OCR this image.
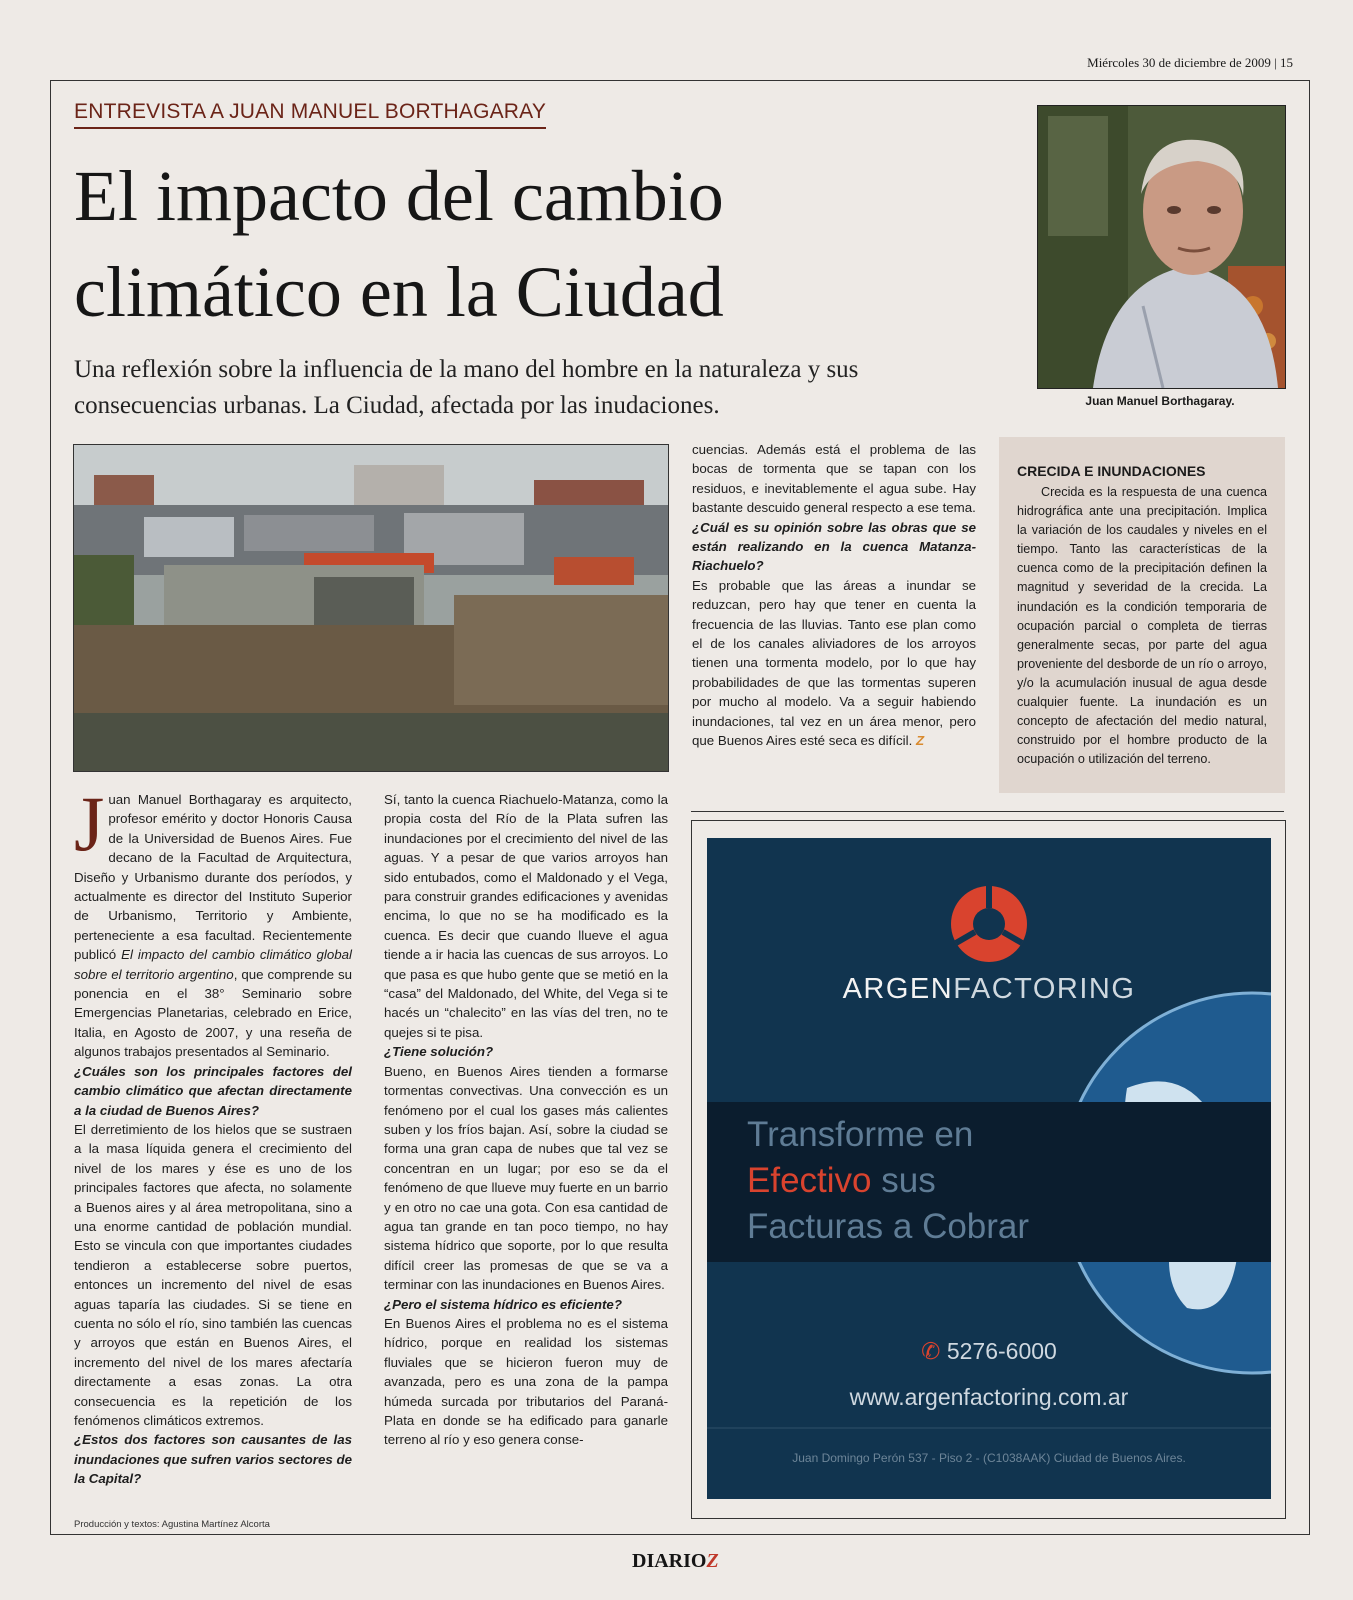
Miércoles 30 de diciembre de 2009 | 15
ENTREVISTA A JUAN MANUEL BORTHAGARAY
El impacto del cambio climático en la Ciudad

Una reflexión sobre la influencia de la mano del hombre en la naturaleza y sus consecuencias urbanas. La Ciudad, afectada por las inudaciones.	Juan Manuel Borthagaray.
J uan Manuel Borthagaray es arquitecto, profesor emérito y doctor Honoris Causa de la Universidad de Buenos Aires. Fue decano de la Facultad de Arquitectura, Diseño y Urbanismo durante dos períodos, y actualmente es director del Instituto Superior de Urbanismo, Territorio y Ambiente, perteneciente a esa facultad. Recientemente publicó El impacto del cambio climático global sobre el territorio argentino, que comprende su ponencia en el 38° Seminario sobre Emergencias Planetarias, celebrado en Erice, Italia, en Agosto de 2007, y una reseña de algunos trabajos presentados al Seminario.

¿Cuáles son los principales factores del cambio climático que afectan directamente a la ciudad de Buenos Aires?

El derretimiento de los hielos que se sustraen a la masa líquida genera el crecimiento del nivel de los mares y ése es uno de los principales factores que afecta, no solamente a Buenos aires y al área metropolitana, sino a una enorme cantidad de población mundial. Esto se vincula con que importantes ciudades tendieron a establecerse sobre puertos, entonces un incremento del nivel de esas aguas taparía las ciudades. Si se tiene en cuenta no sólo el río, sino también las cuencas y arroyos que están en Buenos Aires, el incremento del nivel de los mares afectaría directamente a esas zonas. La otra consecuencia es la repetición de los fenómenos climáticos extremos.

¿Estos dos factores son causantes de las inundaciones que sufren varios sectores de la Capital?

Sí, tanto la cuenca Riachuelo-Matanza, como la propia costa del Río de la Plata sufren las inundaciones por el crecimiento del nivel de las aguas. Y a pesar de que varios arroyos han sido entubados, como el Maldonado y el Vega, para construir grandes edificaciones y avenidas encima, lo que no se ha modificado es la cuenca. Es decir que cuando llueve el agua tiende a ir hacia las cuencas de sus arroyos. Lo que pasa es que hubo gente que se metió en la “casa” del Maldonado, del White, del Vega si te hacés un “chalecito” en las vías del tren, no te quejes si te pisa.

¿Tiene solución?

Bueno, en Buenos Aires tienden a formarse tormentas convectivas. Una convección es un fenómeno por el cual los gases más calientes suben y los fríos bajan. Así, sobre la ciudad se forma una gran capa de nubes que tal vez se concentran en un lugar; por eso se da el fenómeno de que llueve muy fuerte en un barrio y en otro no cae una gota. Con esa cantidad de agua tan grande en tan poco tiempo, no hay sistema hídrico que soporte, por lo que resulta difícil creer las promesas de que se va a terminar con las inundaciones en Buenos Aires.

¿Pero el sistema hídrico es eficiente?

En Buenos Aires el problema no es el sistema hídrico, porque en realidad los sistemas fluviales que se hicieron fueron muy de avanzada, pero es una zona de la pampa húmeda surcada por tributarios del Paraná-Plata en donde se ha edificado para ganarle terreno al río y eso genera conse-

cuencias. Además está el problema de las bocas de tormenta que se tapan con los residuos, e inevitablemente el agua sube. Hay bastante descuido general respecto a ese tema.

¿Cuál es su opinión sobre las obras que se están realizando en la cuenca Matanza-Riachuelo?

Es probable que las áreas a inundar se reduzcan, pero hay que tener en cuenta la frecuencia de las lluvias. Tanto ese plan como el de los canales aliviadores de los arroyos tienen una tormenta modelo, por lo que hay probabilidades de que las tormentas superen por mucho al modelo. Va a seguir habiendo inundaciones, tal vez en un área menor, pero que Buenos Aires esté seca es difícil. Z

CRECIDA E INUNDACIONES

Crecida es la respuesta de una cuenca hidrográfica ante una precipitación. Implica la variación de los caudales y niveles en el tiempo. Tanto las características de la cuenca como de la precipitación definen la magnitud y severidad de la crecida. La inundación es la condición temporaria de ocupación parcial o completa de tierras generalmente secas, por parte del agua proveniente del desborde de un río o arroyo, y/o la acumulación inusual de agua desde cualquier fuente. La inundación es un concepto de afectación del medio natural, construido por el hombre producto de la ocupación o utilización del terreno.

ARGENFACTORING
Transforme en
Efectivo sus
Facturas a Cobrar
✆ 5276-6000
www.argenfactoring.com.ar
Juan Domingo Perón 537 - Piso 2 - (C1038AAK) Ciudad de Buenos Aires.
Producción y textos: Agustina Martínez Alcorta
DIARIOZ
